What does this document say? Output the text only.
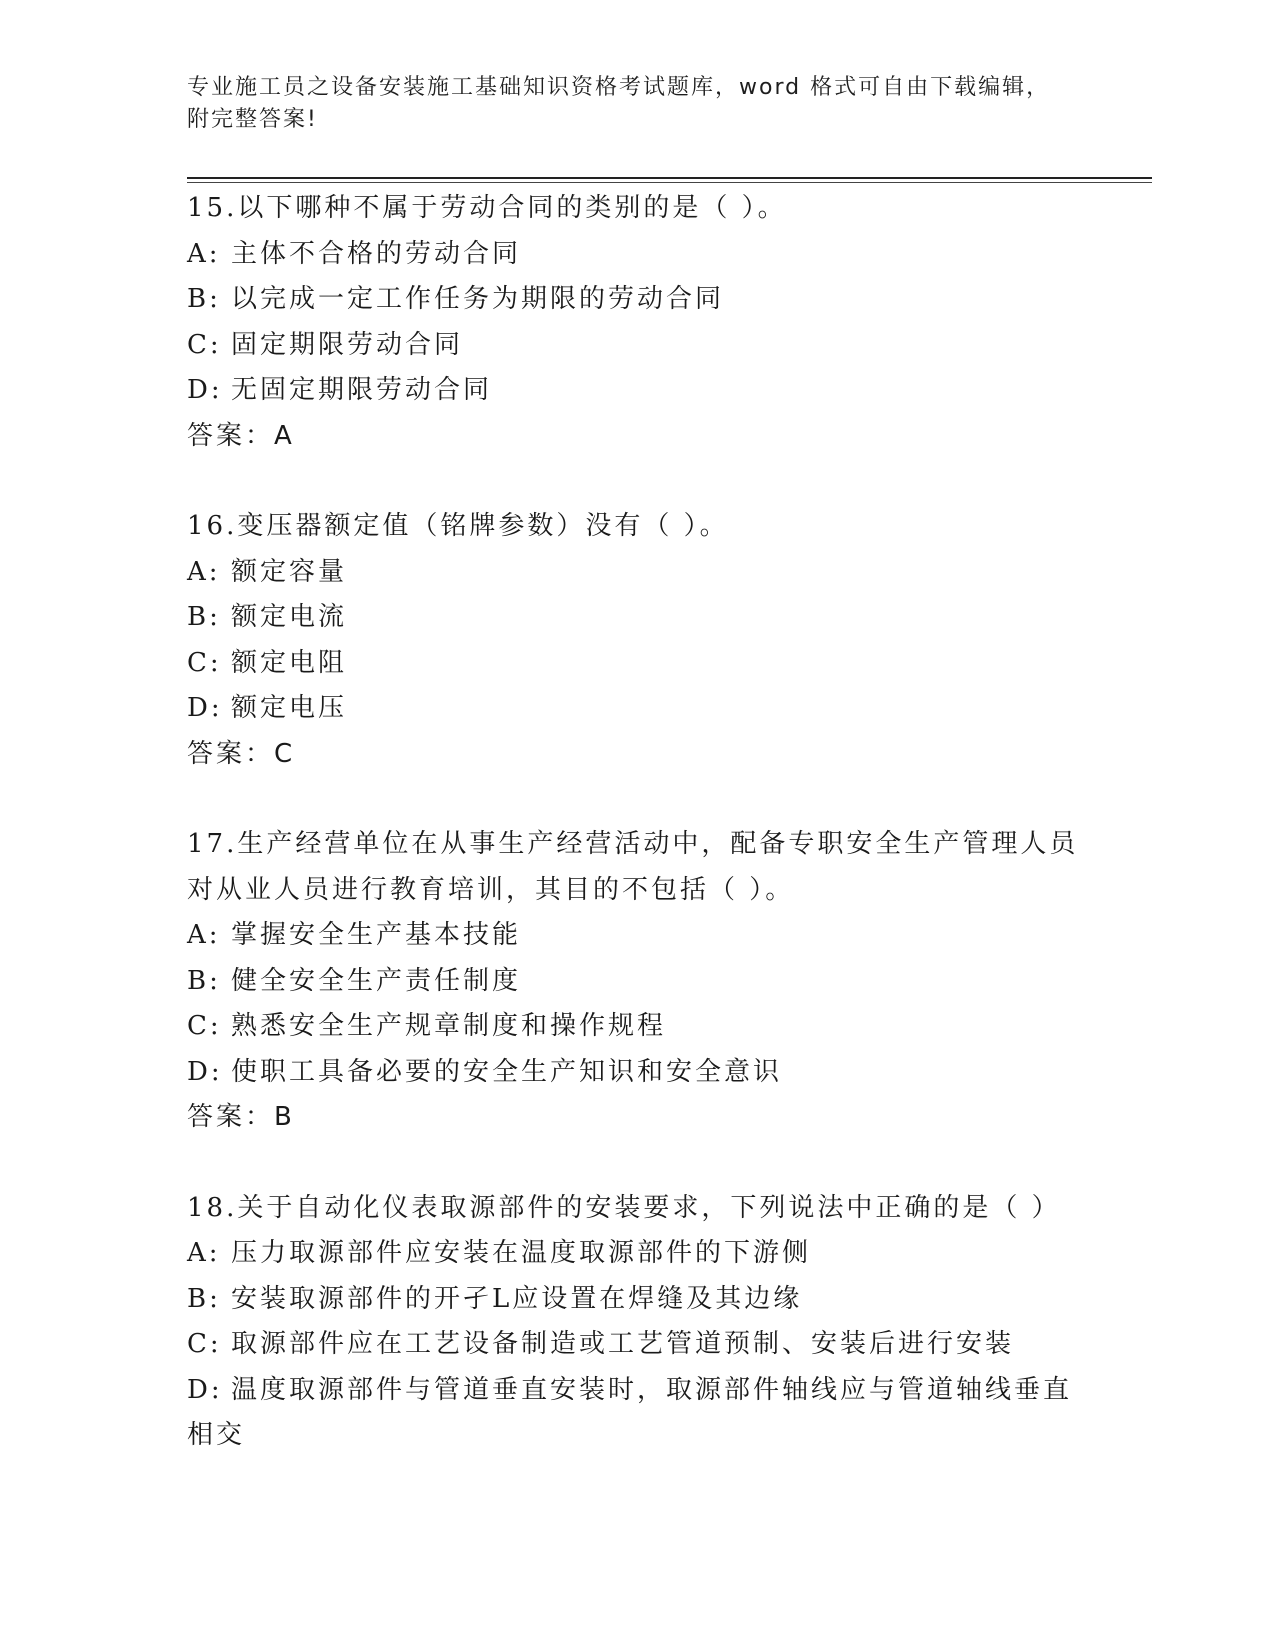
专业施工员之设备安装施工基础知识资格考试题库，word 格式可自由下载编辑，
附完整答案!

15.以下哪种不属于劳动合同的类别的是（ ）。

A: 主体不合格的劳动合同

B: 以完成一定工作任务为期限的劳动合同

C: 固定期限劳动合同

D: 无固定期限劳动合同

答案：A

16.变压器额定值（铭牌参数）没有（ ）。

A: 额定容量

B: 额定电流

C: 额定电阻

D: 额定电压

答案：C

17.生产经营单位在从事生产经营活动中，配备专职安全生产管理人员对从业人员进行教育培训，其目的不包括（ ）。

A: 掌握安全生产基本技能

B: 健全安全生产责任制度

C: 熟悉安全生产规章制度和操作规程

D: 使职工具备必要的安全生产知识和安全意识

答案：B

18.关于自动化仪表取源部件的安装要求，下列说法中正确的是（ ）

A: 压力取源部件应安装在温度取源部件的下游侧

B: 安装取源部件的开孑L应设置在焊缝及其边缘

C: 取源部件应在工艺设备制造或工艺管道预制、安装后进行安装

D: 温度取源部件与管道垂直安装时，取源部件轴线应与管道轴线垂直相交
